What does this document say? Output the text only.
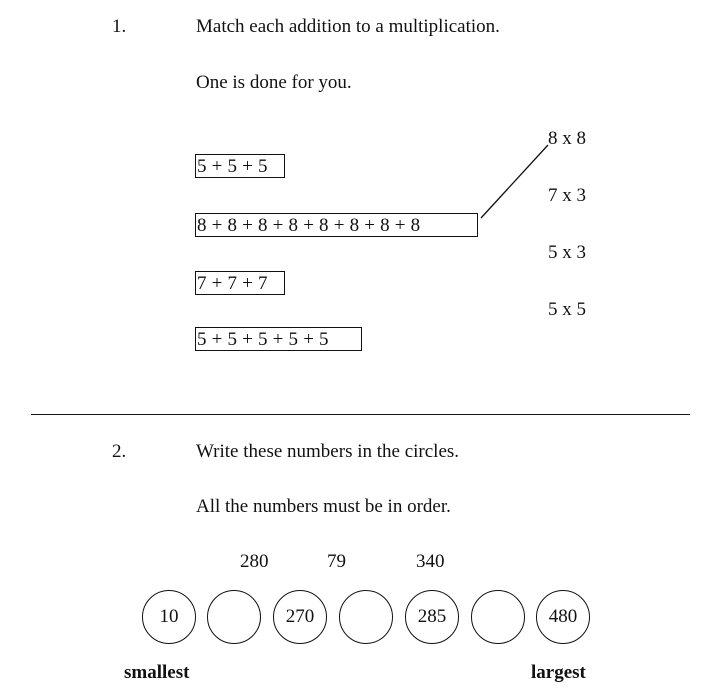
1.	Match each addition to a multiplication.
One is done for you.
5 + 5 + 5
8 + 8 + 8 + 8 + 8 + 8 + 8 + 8
7 + 7 + 7
5 + 5 + 5 + 5 + 5
8 x 8
7 x 3
5 x 3
5 x 5
2.	Write these numbers in the circles.
All the numbers must be in order.
280	79	340
10	270	285	480
smallest	largest
